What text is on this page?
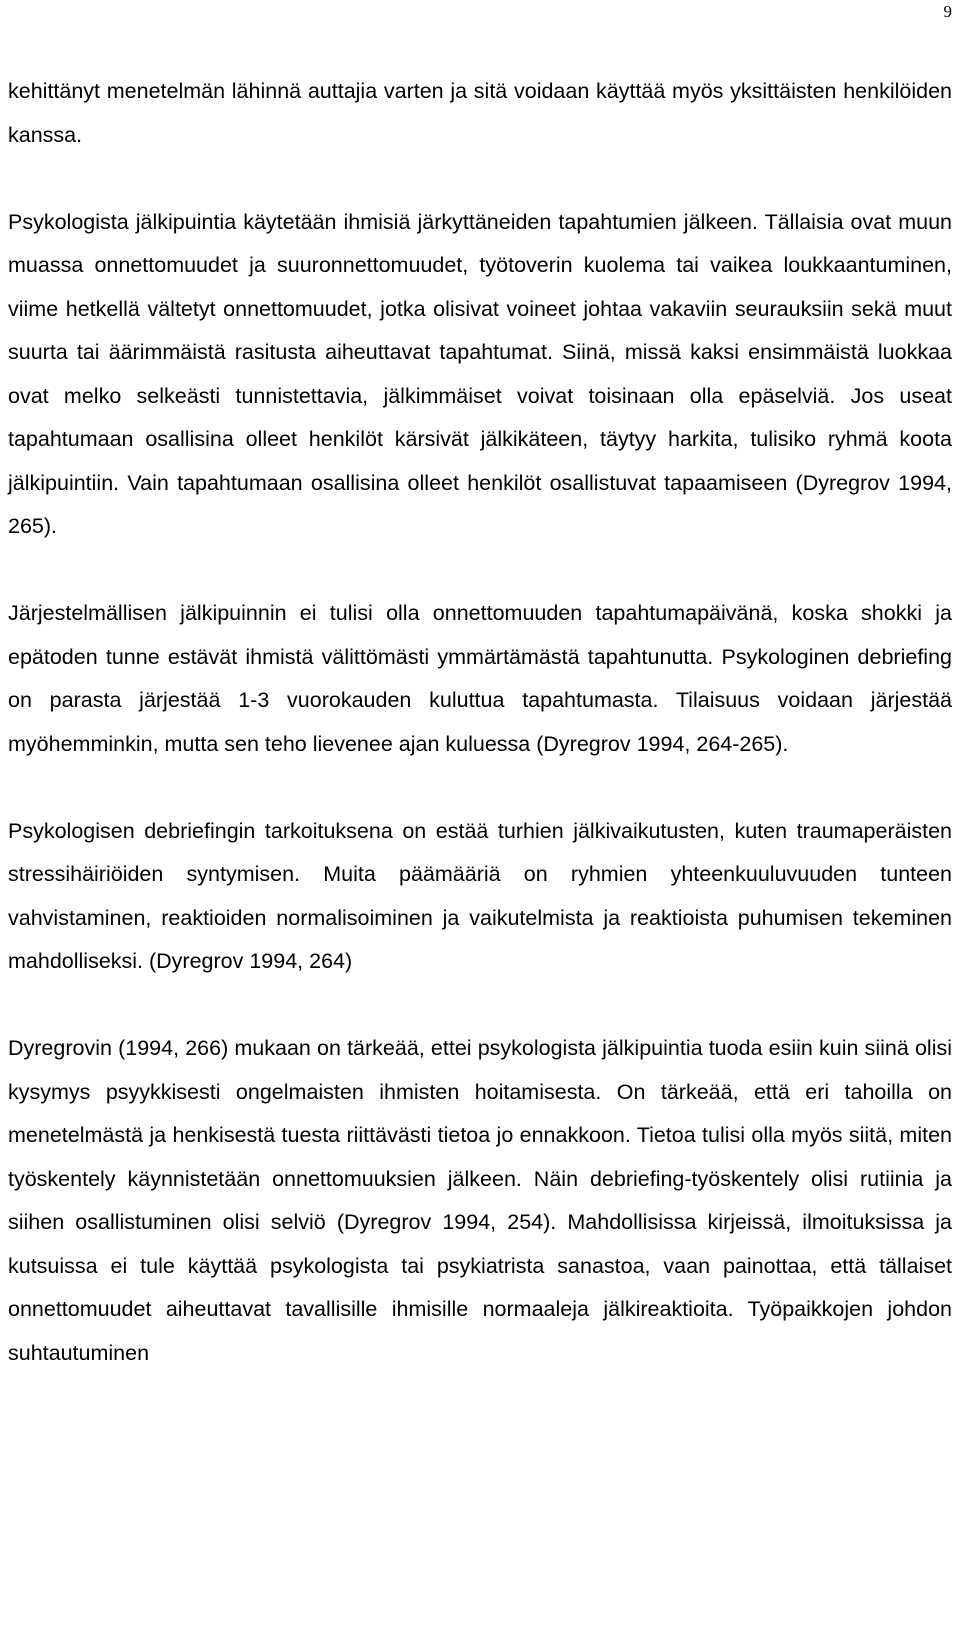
9

kehittänyt menetelmän lähinnä auttajia varten ja sitä voidaan käyttää myös yksittäisten henkilöiden kanssa.

Psykologista jälkipuintia käytetään ihmisiä järkyttäneiden tapahtumien jälkeen. Tällaisia ovat muun muassa onnettomuudet ja suuronnettomuudet, työtoverin kuolema tai vaikea loukkaantuminen, viime hetkellä vältetyt onnettomuudet, jotka olisivat voineet johtaa vakaviin seurauksiin sekä muut suurta tai äärimmäistä rasitusta aiheuttavat tapahtumat. Siinä, missä kaksi ensimmäistä luokkaa ovat melko selkeästi tunnistettavia, jälkimmäiset voivat toisinaan olla epäselviä. Jos useat tapahtumaan osallisina olleet henkilöt kärsivät jälkikäteen, täytyy harkita, tulisiko ryhmä koota jälkipuintiin. Vain tapahtumaan osallisina olleet henkilöt osallistuvat tapaamiseen (Dyregrov 1994, 265).

Järjestelmällisen jälkipuinnin ei tulisi olla onnettomuuden tapahtumapäivänä, koska shokki ja epätoden tunne estävät ihmistä välittömästi ymmärtämästä tapahtunutta. Psykologinen debriefing on parasta järjestää 1-3 vuorokauden kuluttua tapahtumasta. Tilaisuus voidaan järjestää myöhemminkin, mutta sen teho lievenee ajan kuluessa (Dyregrov 1994, 264-265).

Psykologisen debriefingin tarkoituksena on estää turhien jälkivaikutusten, kuten traumaperäisten stressihäiriöiden syntymisen. Muita päämääriä on ryhmien yhteenkuuluvuuden tunteen vahvistaminen, reaktioiden normalisoiminen ja vaikutelmista ja reaktioista puhumisen tekeminen mahdolliseksi. (Dyregrov 1994, 264)

Dyregrovin (1994, 266) mukaan on tärkeää, ettei psykologista jälkipuintia tuoda esiin kuin siinä olisi kysymys psyykkisesti ongelmaisten ihmisten hoitamisesta. On tärkeää, että eri tahoilla on menetelmästä ja henkisestä tuesta riittävästi tietoa jo ennakkoon. Tietoa tulisi olla myös siitä, miten työskentely käynnistetään onnettomuuksien jälkeen. Näin debriefing-työskentely olisi rutiinia ja siihen osallistuminen olisi selviö (Dyregrov 1994, 254). Mahdollisissa kirjeissä, ilmoituksissa ja kutsuissa ei tule käyttää psykologista tai psykiatrista sanastoa, vaan painottaa, että tällaiset onnettomuudet aiheuttavat tavallisille ihmisille normaaleja jälkireaktioita. Työpaikkojen johdon suhtautuminen
